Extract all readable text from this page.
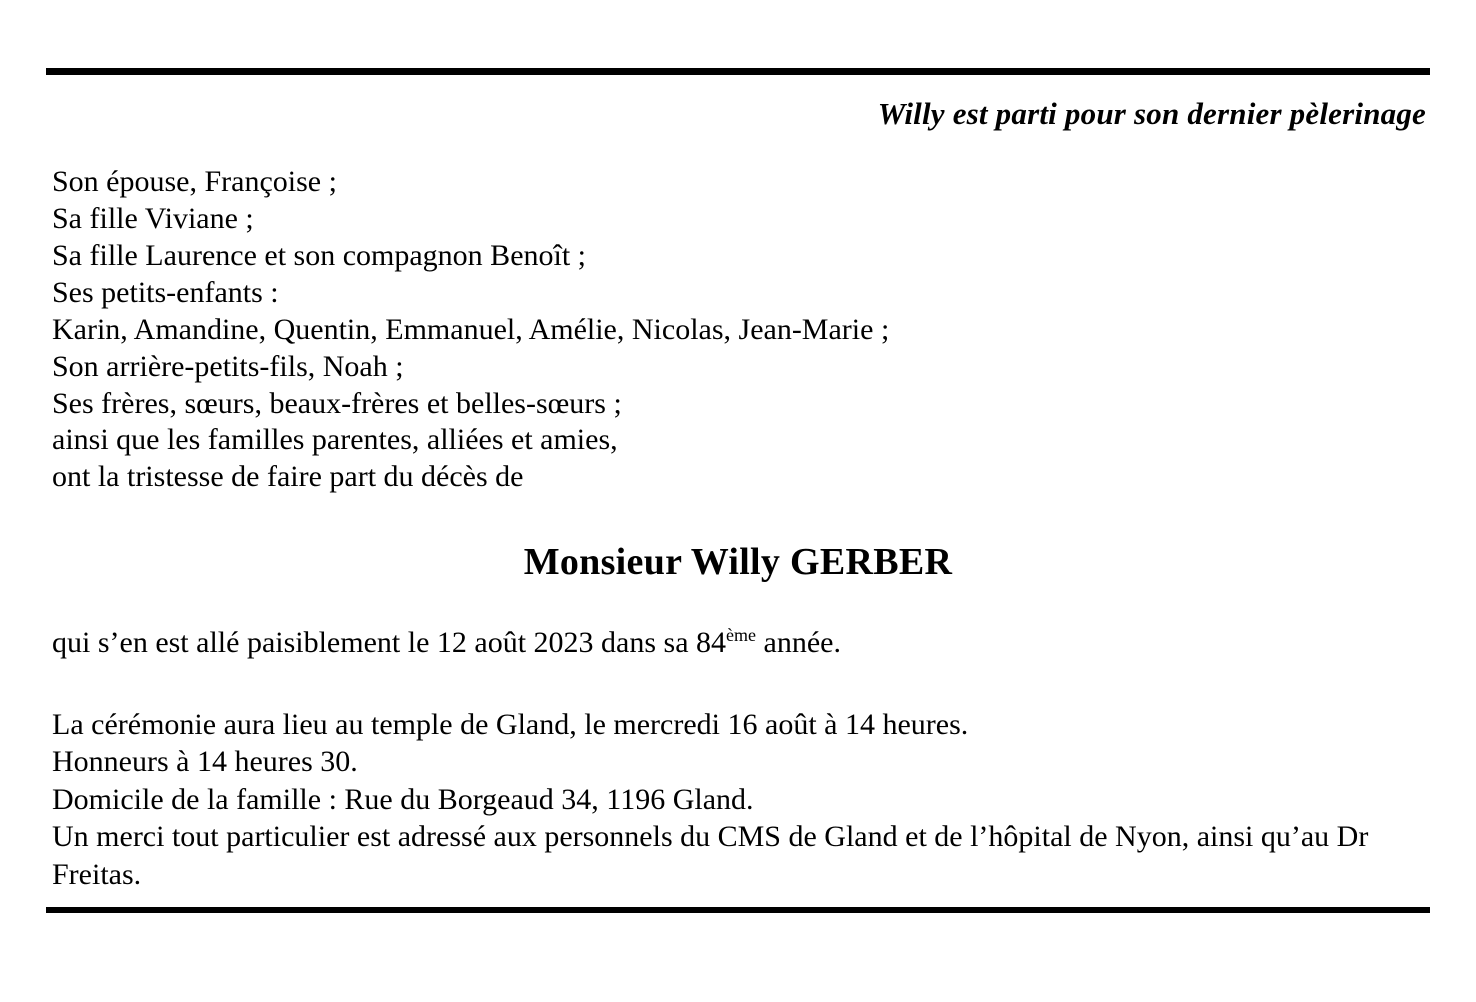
Willy est parti pour son dernier pèlerinage
Son épouse, Françoise ;
Sa fille Viviane ;
Sa fille Laurence et son compagnon Benoît ;
Ses petits-enfants :
Karin, Amandine, Quentin, Emmanuel, Amélie, Nicolas, Jean-Marie ;
Son arrière-petits-fils, Noah ;
Ses frères, sœurs, beaux-frères et belles-sœurs ;
ainsi que les familles parentes, alliées et amies,
ont la tristesse de faire part du décès de
Monsieur Willy GERBER
qui s’en est allé paisiblement le 12 août 2023 dans sa 84ème année.
La cérémonie aura lieu au temple de Gland, le mercredi 16 août à 14 heures.
Honneurs à 14 heures 30.
Domicile de la famille : Rue du Borgeaud 34, 1196 Gland.
Un merci tout particulier est adressé aux personnels du CMS de Gland et de l’hôpital de Nyon, ainsi qu’au Dr Freitas.
